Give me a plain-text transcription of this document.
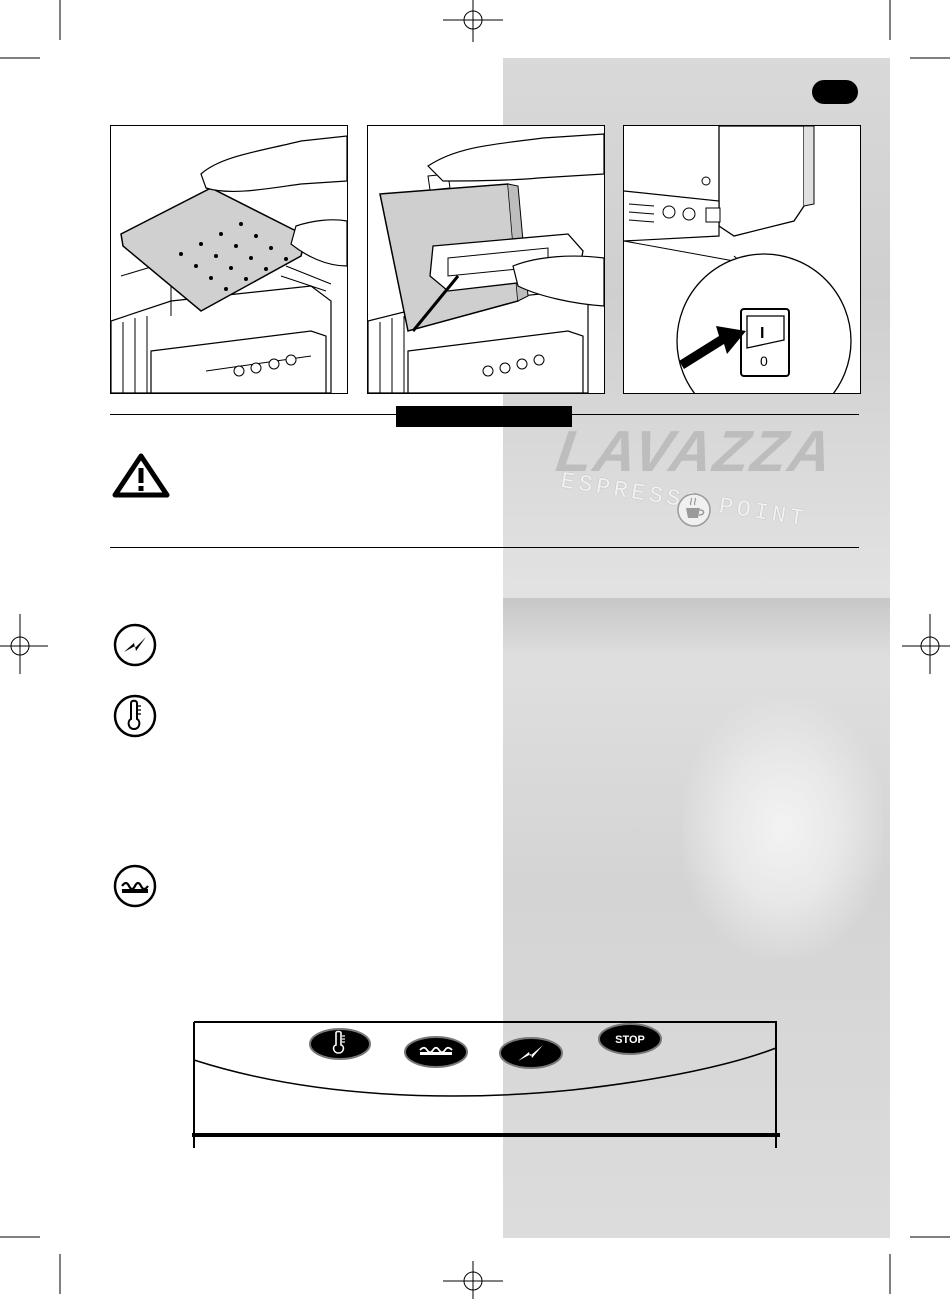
I
0
LAVAZZA
ESPRESSO POINT
STOP
